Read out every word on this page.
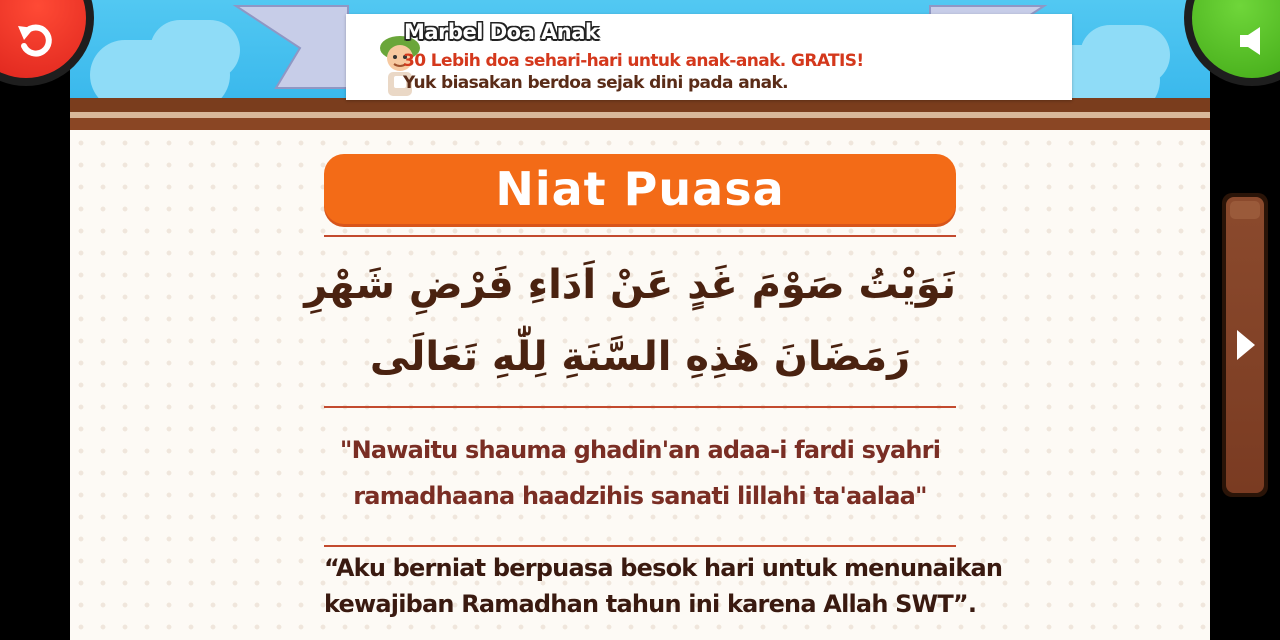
Marbel Doa Anak
30 Lebih doa sehari-hari untuk anak-anak. GRATIS!
Yuk biasakan berdoa sejak dini pada anak.
Niat Puasa
نَوَيْتُ صَوْمَ غَدٍ عَنْ اَدَاءِ فَرْضِ شَهْرِ
رَمَضَانَ هَذِهِ السَّنَةِ لِلّٰهِ تَعَالَى
"Nawaitu shauma ghadin'an adaa-i fardi syahri
ramadhaana haadzihis sanati lillahi ta'aalaa"
“Aku berniat berpuasa besok hari untuk menunaikan
kewajiban Ramadhan tahun ini karena Allah SWT”.
